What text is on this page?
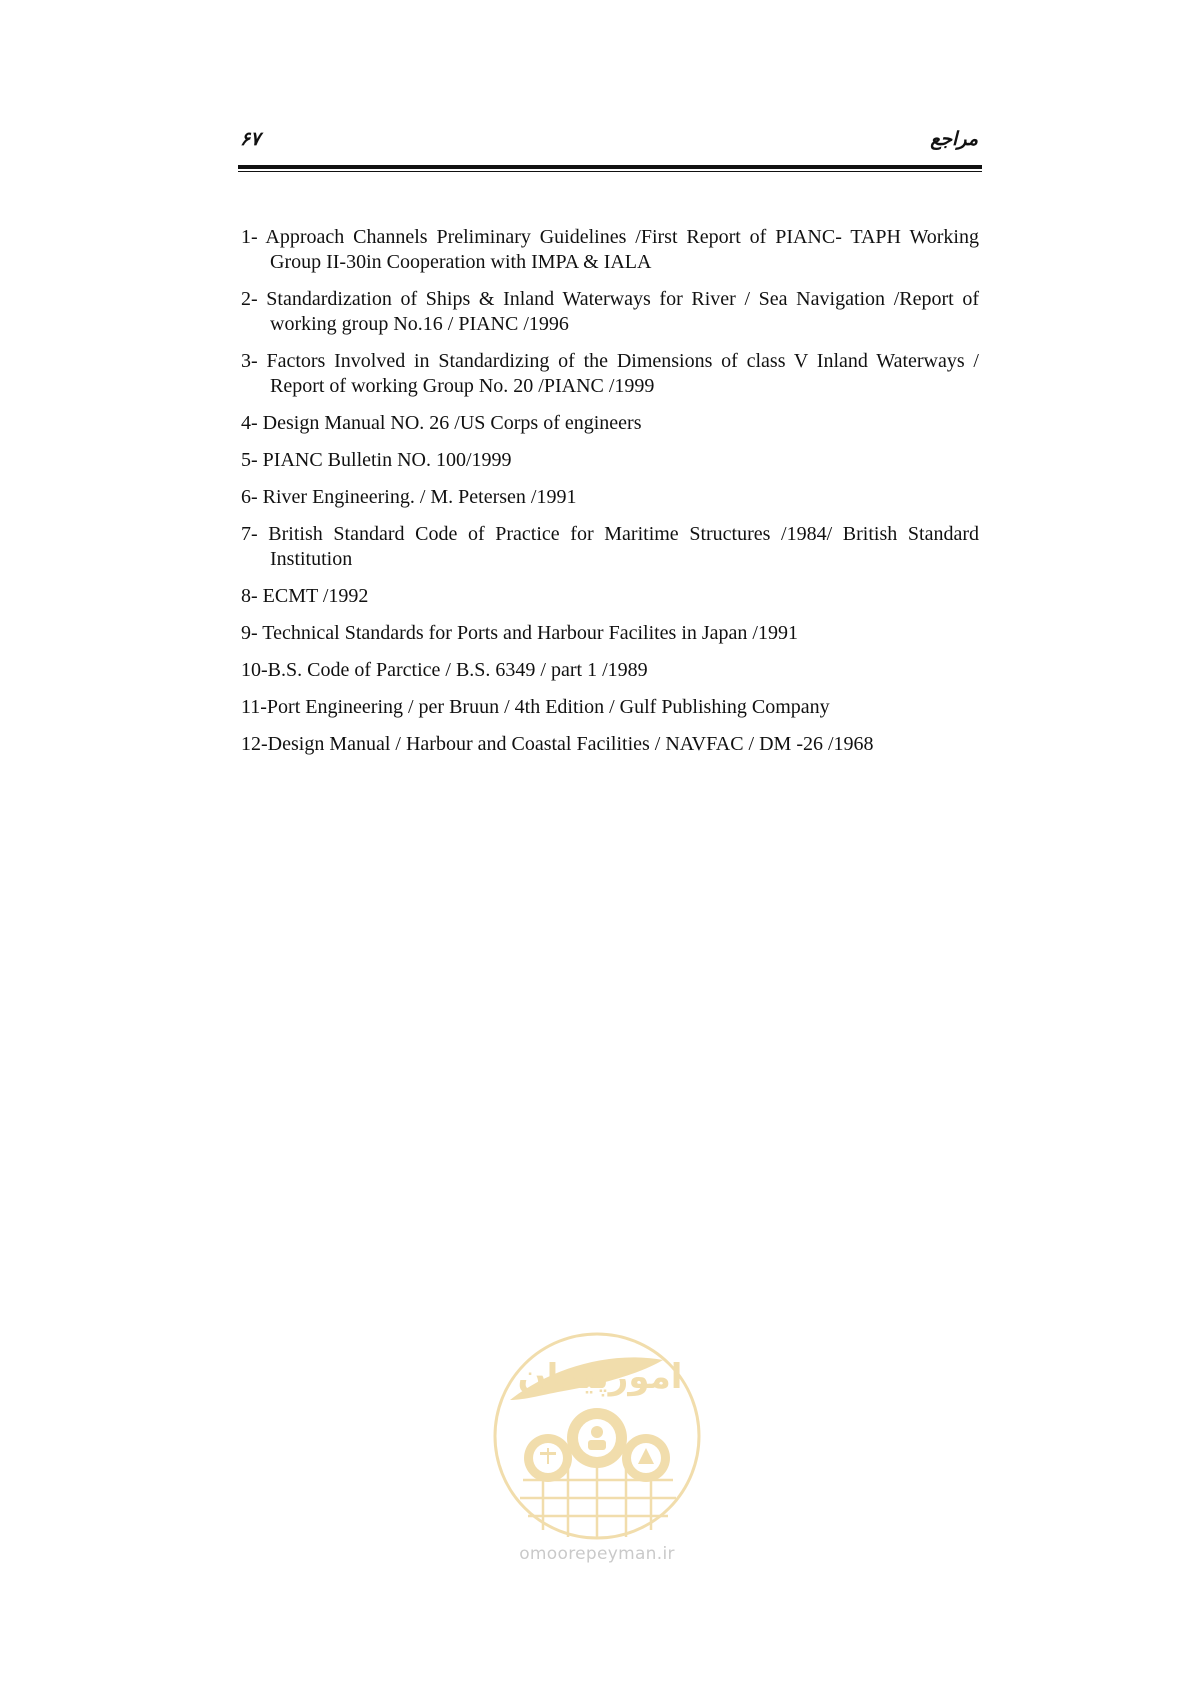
۶۷	مراجع
1- Approach Channels Preliminary Guidelines /First Report of PIANC- TAPH Working Group II-30in Cooperation with IMPA & IALA
2- Standardization of Ships & Inland Waterways for River / Sea Navigation /Report of working group No.16 / PIANC /1996
3- Factors Involved in Standardizing of the Dimensions of class V Inland Waterways / Report of working Group No. 20 /PIANC /1999
4- Design Manual NO. 26 /US Corps of engineers
5- PIANC Bulletin NO. 100/1999
6- River Engineering. / M. Petersen /1991
7- British Standard Code of Practice for Maritime Structures /1984/ British Standard Institution
8- ECMT /1992
9- Technical Standards for Ports and Harbour Facilites in Japan /1991
10-B.S. Code of Parctice / B.S. 6349 / part 1 /1989
11-Port Engineering / per Bruun / 4th Edition / Gulf Publishing Company
12-Design Manual / Harbour and Coastal Facilities / NAVFAC / DM -26 /1968
امورپیمان
omoorepeyman.ir
